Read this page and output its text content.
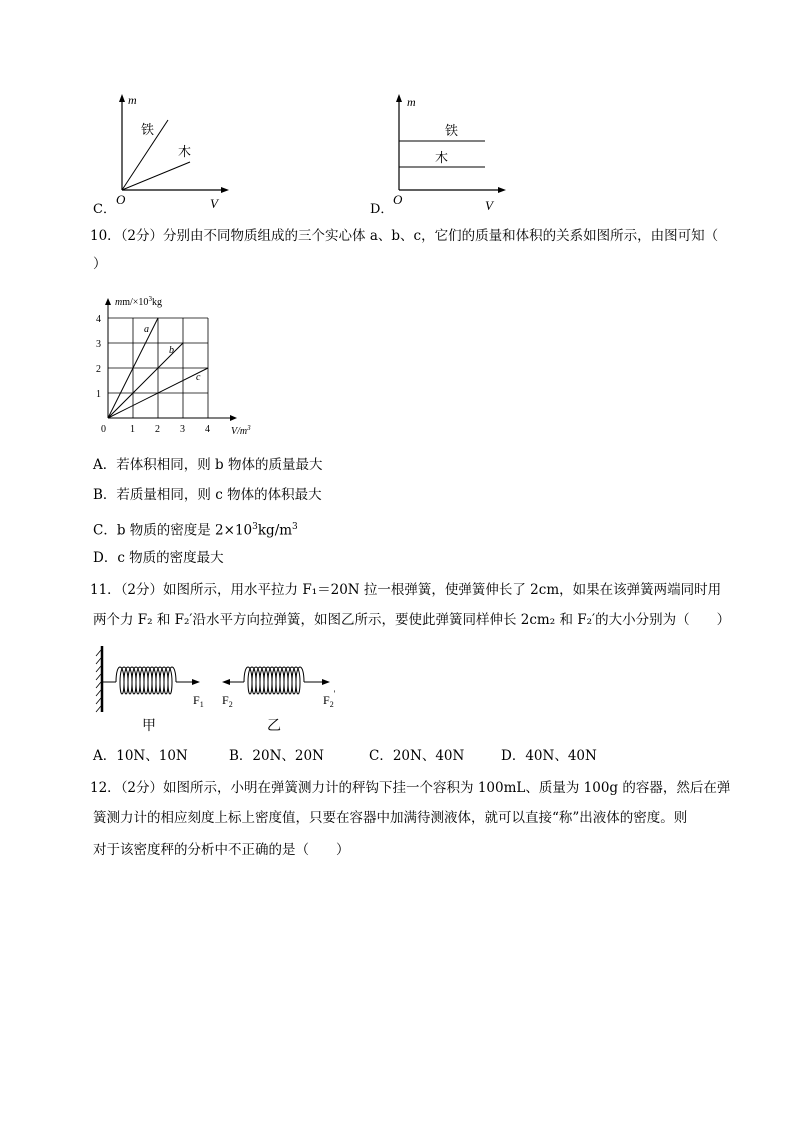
m
铁
木
O	V
C．
m
铁
木
O	V
D．
10．（2分）分别由不同物质组成的三个实心体 a、b、c，它们的质量和体积的关系如图所示，由图可知（
）
a
b
c
0 1 2 3 4
1
2
3
4
$mm/\times 10^3kg$
$V/m^3$
A．若体积相同，则 b 物体的质量最大
B．若质量相同，则 c 物体的体积最大
C．b 物质的密度是 $2\times 10^3kg/m^3$
D．c 物质的密度最大
11．（2分）如图所示，用水平拉力 F₁＝20N 拉一根弹簧，使弹簧伸长了 2cm，如果在该弹簧两端同时用
两个力 F₂ 和 F₂′沿水平方向拉弹簧，如图乙所示，要使此弹簧同样伸长 2cm₂ 和 F₂′的大小分别为（　　）
$F_1$ $F_2$	$F_2'$
甲	乙
A．10N、10N	B．20N、20N	C．20N、40N	D．40N、40N
12．（2分）如图所示，小明在弹簧测力计的秤钩下挂一个容积为 100mL、质量为 100g 的容器，然后在弹
簧测力计的相应刻度上标上密度值，只要在容器中加满待测液体，就可以直接“称”出液体的密度。则
对于该密度秤的分析中不正确的是（　　）
